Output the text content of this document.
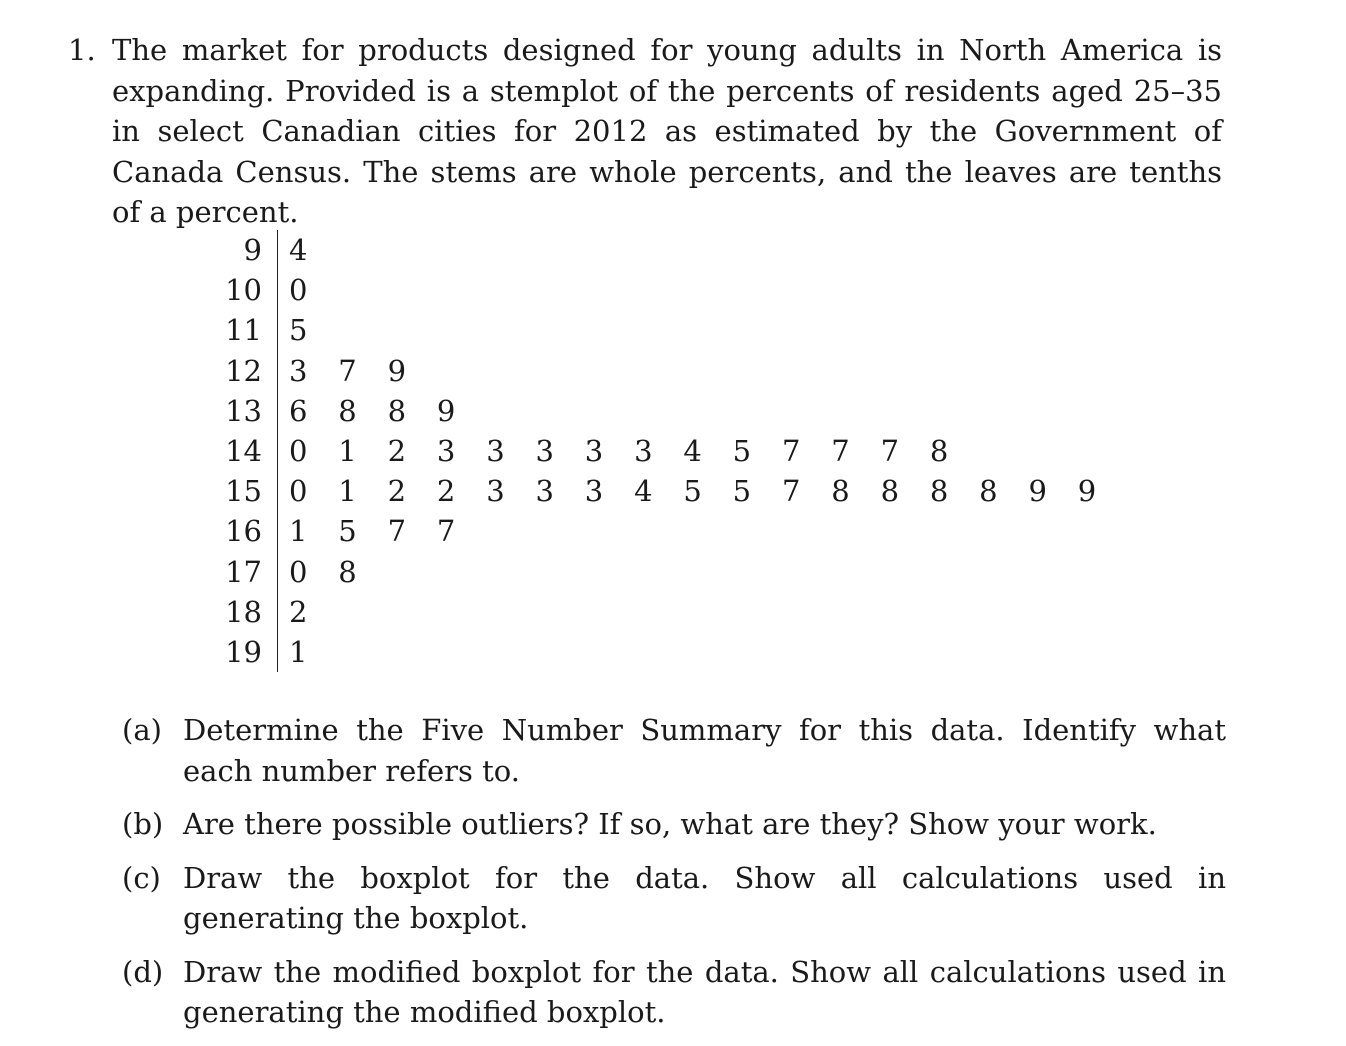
1. The market for products designed for young adults in North America is expanding. Provided is a stemplot of the percents of residents aged 25–35 in select Canadian cities for 2012 as estimated by the Government of Canada Census. The stems are whole percents, and the leaves are tenths of a percent.
9	4
10	0
11	5
12	3 7 9
13	6 8 8 9
14	0 1 2 3 3 3 3 3 4 5 7 7 7 8
15	0 1 2 2 3 3 3 4 5 5 7 8 8 8 8 9 9
16	1 5 7 7
17	0 8
18	2
19	1
(a) Determine the Five Number Summary for this data. Identify what each number refers to.
(b) Are there possible outliers? If so, what are they? Show your work.
(c) Draw the boxplot for the data. Show all calculations used in generating the boxplot.
(d) Draw the modified boxplot for the data. Show all calculations used in generating the modified boxplot.
